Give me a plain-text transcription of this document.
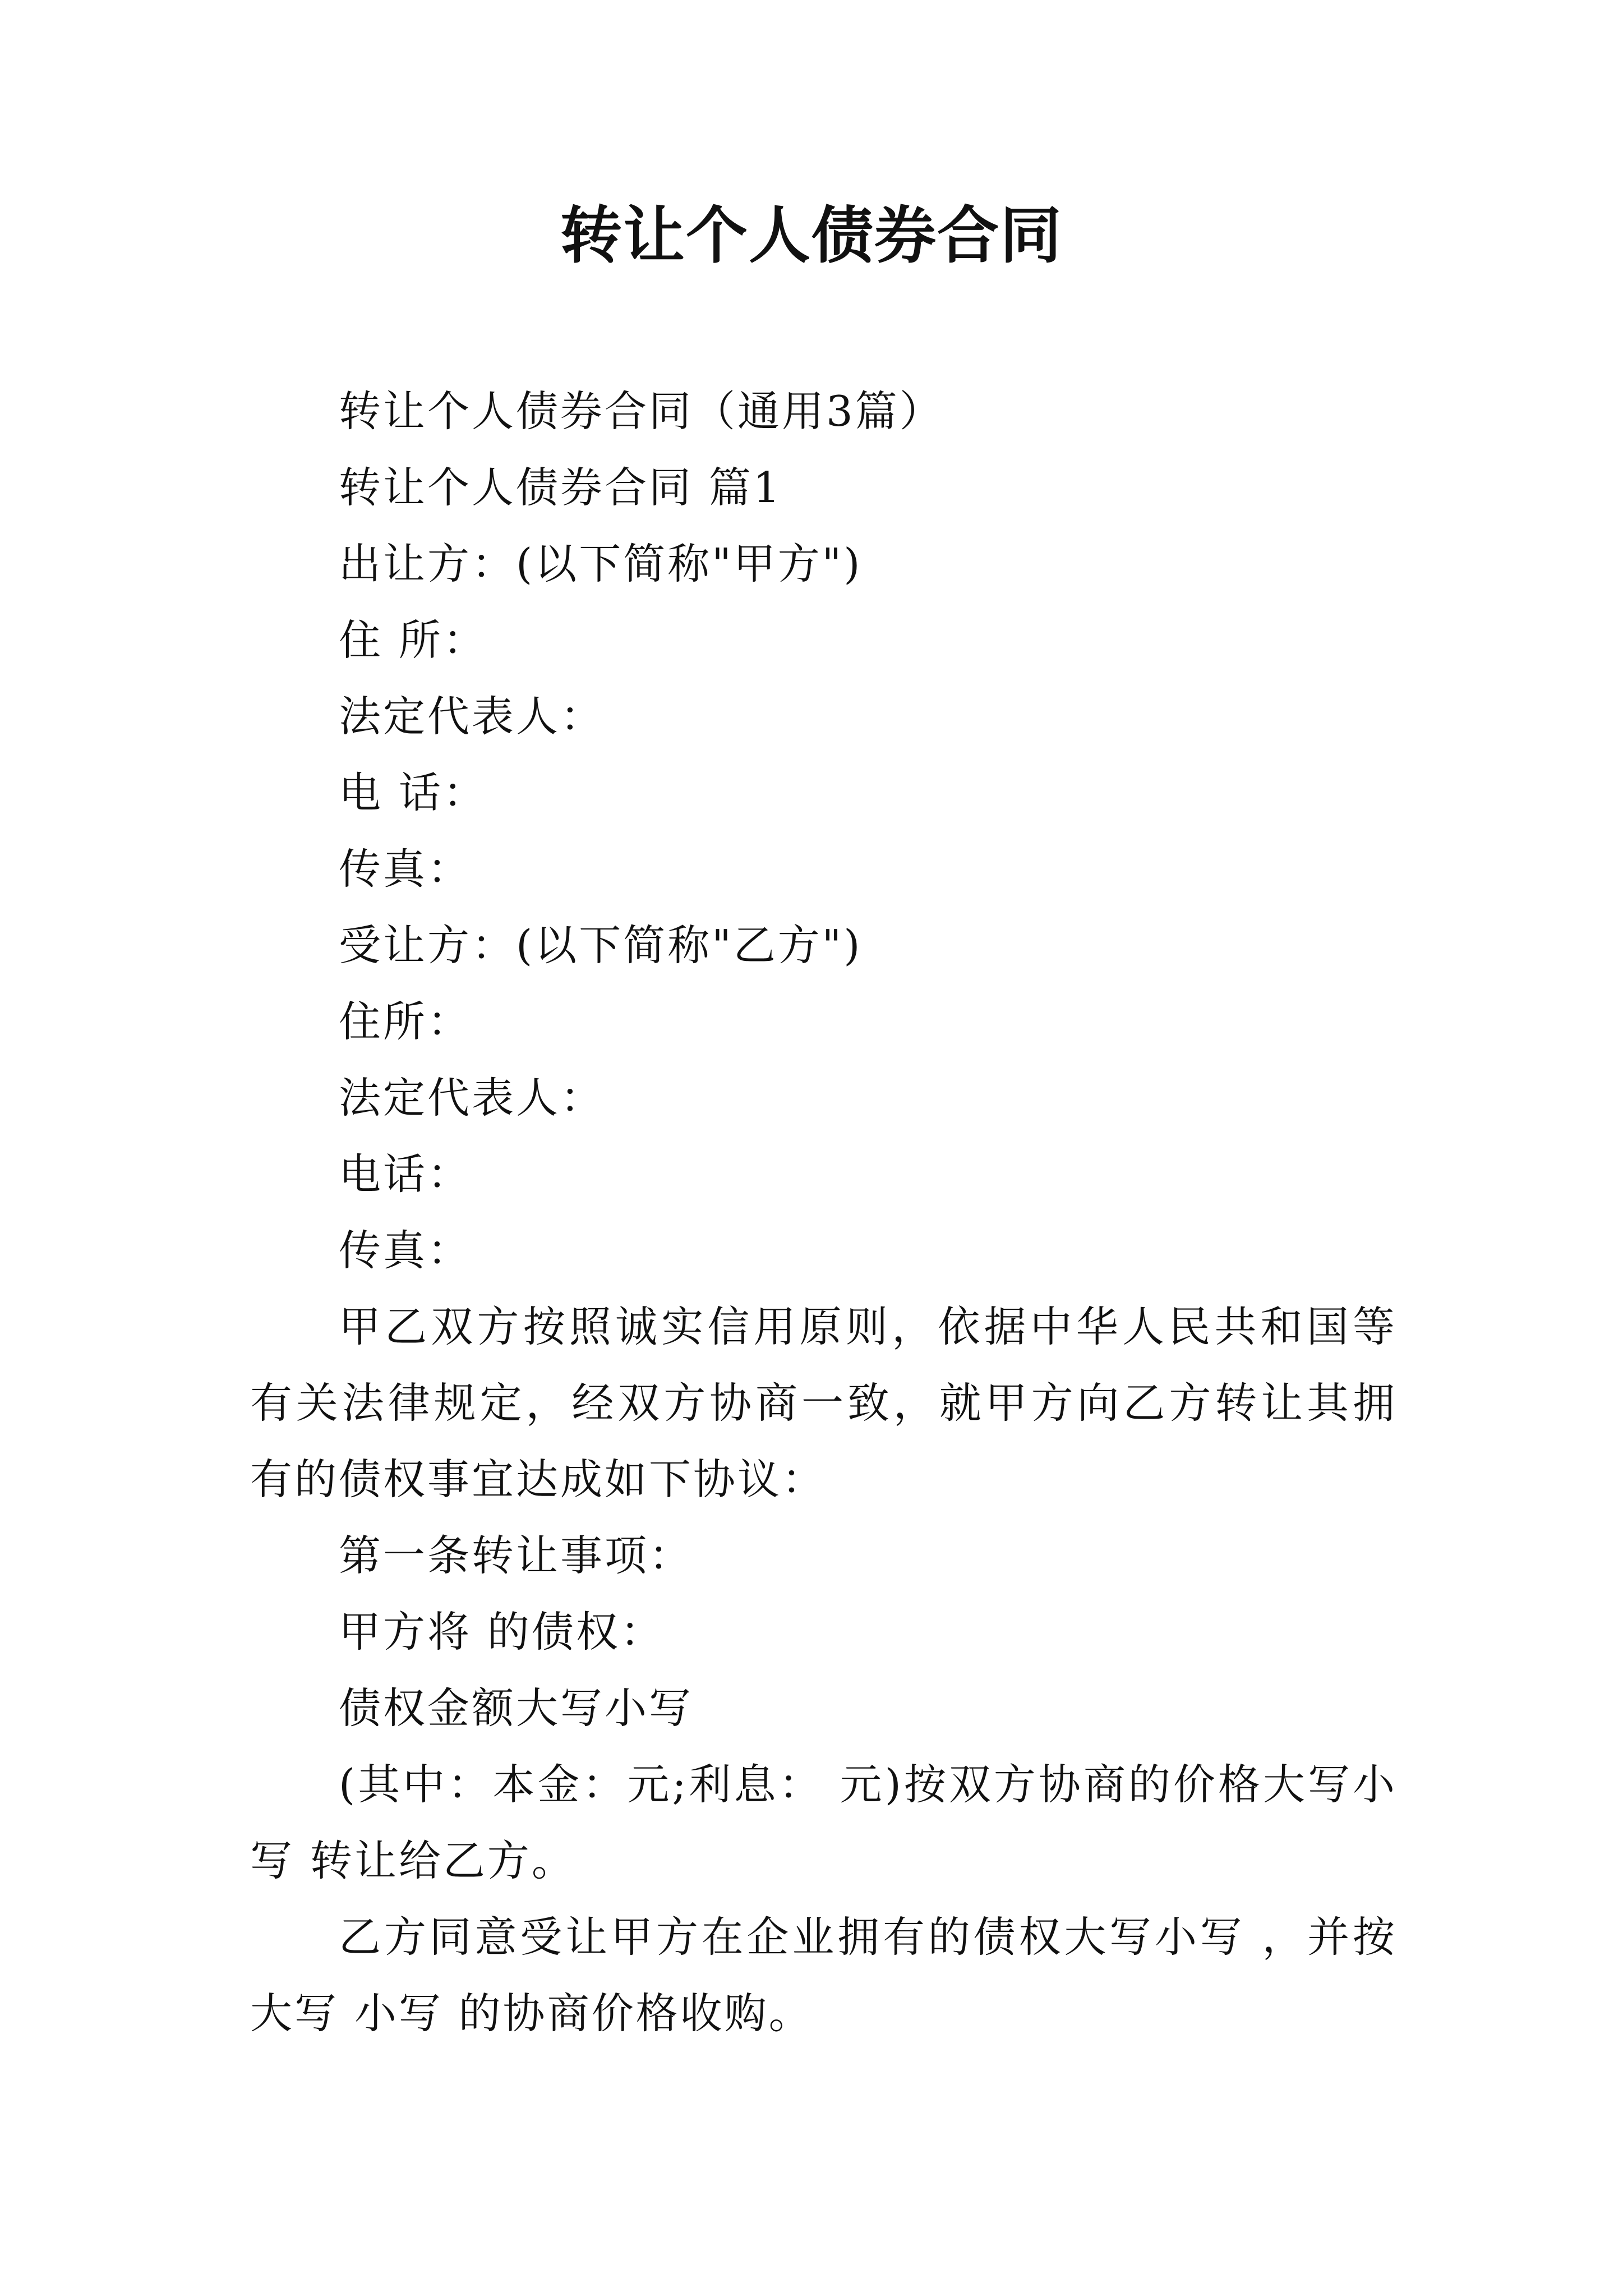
转让个人债券合同

转让个人债券合同（通用3篇）

转让个人债券合同 篇1

出让方：(以下简称"甲方")

住 所：

法定代表人：

电 话：

传真：

受让方：(以下简称"乙方")

住所：

法定代表人：

电话：

传真：

甲乙双方按照诚实信用原则，依据中华人民共和国等有关法律规定，经双方协商一致，就甲方向乙方转让其拥有的债权事宜达成如下协议：

第一条转让事项：

甲方将 的债权：

债权金额大写小写

(其中：本金：元;利息： 元)按双方协商的价格大写小写 转让给乙方。

乙方同意受让甲方在企业拥有的债权大写小写 ，并按大写 小写 的协商价格收购。
